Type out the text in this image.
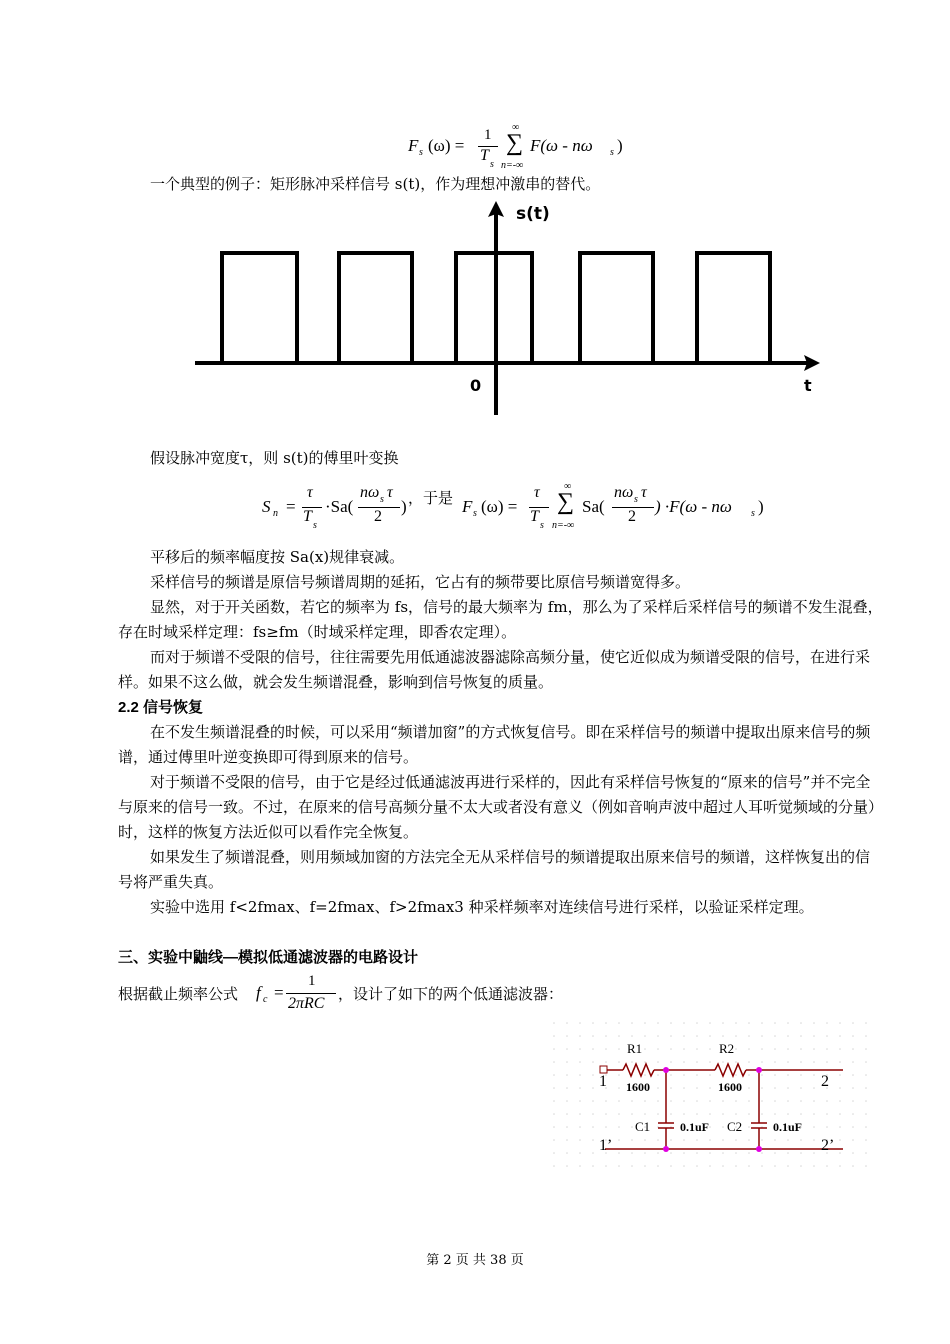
F s (ω) =
1
T
s
∞
∑
n=-∞
F(ω - nω s )

一个典型的例子：矩形脉冲采样信号 s(t)，作为理想冲激串的替代。

s(t)
t
0

假设脉冲宽度τ，则 s(t)的傅里叶变换

S n =
τ
T
s
·Sa(
nω s τ
2
) ，于是 F s (ω) =
τ
T
s
∞
∑
n=-∞
Sa(
nω s τ
2
) ·F(ω - nω s )

平移后的频率幅度按 Sa(x)规律衰减。

采样信号的频谱是原信号频谱周期的延拓，它占有的频带要比原信号频谱宽得多。

显然，对于开关函数，若它的频率为 fs，信号的最大频率为 fm，那么为了采样后采样信号的频谱不发生混叠，存在时域采样定理：fs≥fm（时域采样定理，即香农定理）。

而对于频谱不受限的信号，往往需要先用低通滤波器滤除高频分量，使它近似成为频谱受限的信号，在进行采样。如果不这么做，就会发生频谱混叠，影响到信号恢复的质量。

2.2 信号恢复

在不发生频谱混叠的时候，可以采用“频谱加窗”的方式恢复信号。即在采样信号的频谱中提取出原来信号的频谱，通过傅里叶逆变换即可得到原来的信号。

对于频谱不受限的信号，由于它是经过低通滤波再进行采样的，因此有采样信号恢复的“原来的信号”并不完全与原来的信号一致。不过，在原来的信号高频分量不太大或者没有意义（例如音响声波中超过人耳听觉频域的分量）时，这样的恢复方法近似可以看作完全恢复。

如果发生了频谱混叠，则用频域加窗的方法完全无从采样信号的频谱提取出原来信号的频谱，这样恢复出的信号将严重失真。

实验中选用 f<2fmax、f=2fmax、f>2fmax3 种采样频率对连续信号进行采样，以验证采样定理。

三、实验中鼬线—模拟低通滤波器的电路设计

根据截止频率公式 f c =
1
2πRC
，设计了如下的两个低通滤波器：
R1
1600
R2
1600
C1 0.1uF C2	0.1uF
1	2
1’	2’
第 2 页 共 38 页
